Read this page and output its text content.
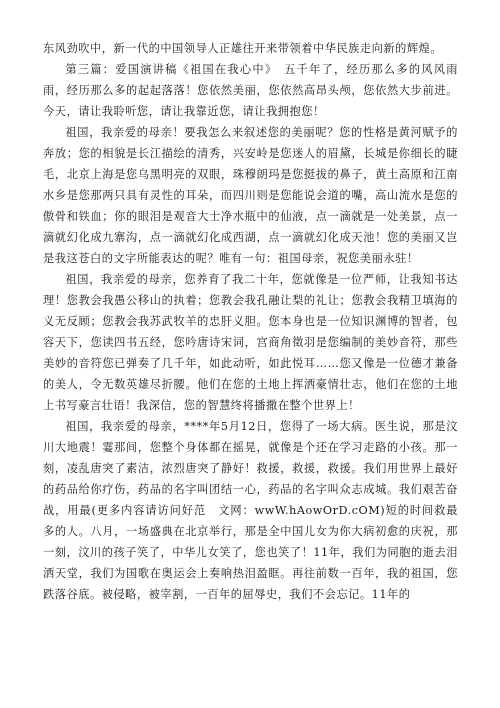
东风劲吹中，新一代的中国领导人正雄往开来带领着中华民族走向新的辉煌。

第三篇：爱国演讲稿《祖国在我心中》　五千年了，经历那么多的风风雨雨，经历那么多的起起落落！您依然美丽，您依然高昂头颅，您依然大步前进。今天，请让我聆听您，请让我靠近您，请让我拥抱您！

祖国，我亲爱的母亲！要我怎么来叙述您的美丽呢？您的性格是黄河赋予的奔放；您的相貌是长江描绘的清秀，兴安岭是您迷人的眉黛，长城是你细长的睫毛，北京上海是您乌黑明亮的双眼，珠穆朗玛是您挺拔的鼻子，黄土高原和江南水乡是您那两只具有灵性的耳朵，而四川则是您能说会道的嘴，高山流水是您的傲骨和铁血；你的眼泪是观音大士净水瓶中的仙液，点一滴就是一处美景，点一滴就幻化成九寨沟，点一滴就幻化成西湖，点一滴就幻化成天池！您的美丽又岂是我这苍白的文字所能表达的呢？唯有一句：祖国母亲，祝您美丽永驻！

祖国，我亲爱的母亲，您养育了我二十年，您就像是一位严师，让我知书达理！您教会我愚公移山的执着；您教会我孔融让梨的礼让；您教会我精卫填海的义无反顾；您教会我苏武牧羊的忠肝义胆。您本身也是一位知识渊博的智者，包容天下，您读四书五经，您吟唐诗宋词，宫商角徵羽是您编制的美妙音符，那些美妙的音符您已弹奏了几千年，如此动听，如此悦耳……您又像是一位德才兼备的美人，令无数英雄尽折腰。他们在您的土地上挥洒豪情壮志，他们在您的土地上书写豪言壮语！我深信，您的智慧终将播撒在整个世界上！

祖国，我亲爱的母亲，****年5月12日，您得了一场大病。医生说，那是汶川大地震！霎那间，您整个身体都在摇晃，就像是个还在学习走路的小孩。那一刻，凌乱唐突了素洁，浓烈唐突了静好！救援，救援，救援。我们用世界上最好的药品给你疗伤，药品的名字叫团结一心，药品的名字叫众志成城。我们艰苦奋战，用最(更多内容请访问好范　文网：wwW.hAowOrD.cOM)短的时间救最多的人。八月，一场盛典在北京举行，那是全中国儿女为你大病初愈的庆祝，那一刻，汶川的孩子笑了，中华儿女笑了，您也笑了！11年，我们为同胞的逝去泪洒天堂，我们为国歌在奥运会上奏响热泪盈眶。再往前数一百年，我的祖国，您跌落谷底。被侵略，被宰割，一百年的屈辱史，我们不会忘记。11年的
